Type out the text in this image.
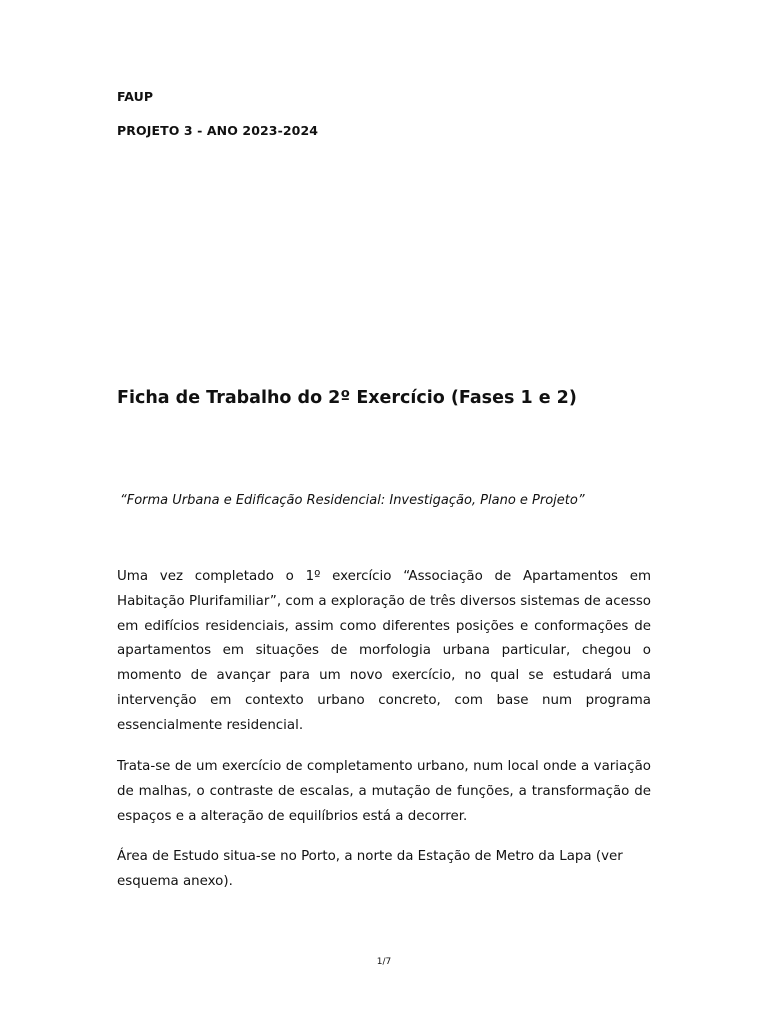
FAUP
PROJETO 3 - ANO 2023-2024
Ficha de Trabalho do 2º Exercício (Fases 1 e 2)
“Forma Urbana e Edificação Residencial: Investigação, Plano e Projeto”

Uma vez completado o 1º exercício “Associação de Apartamentos em Habitação Plurifamiliar”, com a exploração de três diversos sistemas de acesso em edifícios residenciais, assim como diferentes posições e conformações de apartamentos em situações de morfologia urbana particular, chegou o momento de avançar para um novo exercício, no qual se estudará uma intervenção em contexto urbano concreto, com base num programa essencialmente residencial.

Trata-se de um exercício de completamento urbano, num local onde a variação de malhas, o contraste de escalas, a mutação de funções, a transformação de espaços e a alteração de equilíbrios está a decorrer.

Área de Estudo situa-se no Porto, a norte da Estação de Metro da Lapa (ver esquema anexo).

1/7
